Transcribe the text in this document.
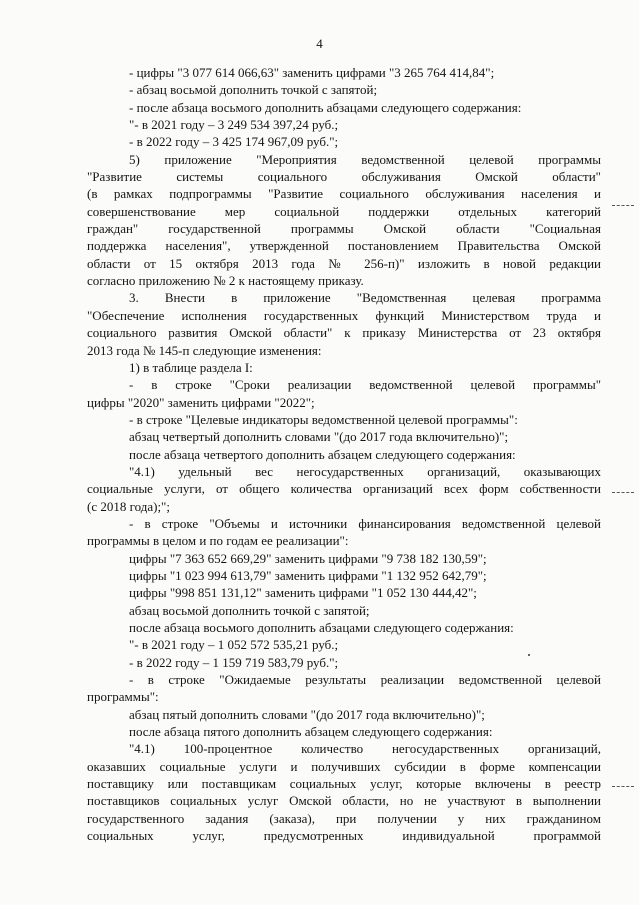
4
- цифры "3 077 614 066,63" заменить цифрами "3 265 764 414,84";
- абзац восьмой дополнить точкой с запятой;
- после абзаца восьмого дополнить абзацами следующего содержания:
"- в 2021 году – 3 249 534 397,24 руб.;
- в 2022 году – 3 425 174 967,09 руб.";
5) приложение "Мероприятия ведомственной целевой программы
"Развитие системы социального обслуживания Омской области"
(в рамках подпрограммы "Развитие социального обслуживания населения и
совершенствование мер социальной поддержки отдельных категорий
граждан" государственной программы Омской области "Социальная
поддержка населения", утвержденной постановлением Правительства Омской
области от 15 октября 2013 года № 256-п)" изложить в новой редакции
согласно приложению № 2 к настоящему приказу.
3. Внести в приложение "Ведомственная целевая программа
"Обеспечение исполнения государственных функций Министерством труда и
социального развития Омской области" к приказу Министерства от 23 октября
2013 года № 145-п следующие изменения:
1) в таблице раздела I:
- в строке "Сроки реализации ведомственной целевой программы"
цифры "2020" заменить цифрами "2022";
- в строке "Целевые индикаторы ведомственной целевой программы":
абзац четвертый дополнить словами "(до 2017 года включительно)";
после абзаца четвертого дополнить абзацем следующего содержания:
"4.1) удельный вес негосударственных организаций, оказывающих
социальные услуги, от общего количества организаций всех форм собственности
(с 2018 года);";
- в строке "Объемы и источники финансирования ведомственной целевой
программы в целом и по годам ее реализации":
цифры "7 363 652 669,29" заменить цифрами "9 738 182 130,59";
цифры "1 023 994 613,79" заменить цифрами "1 132 952 642,79";
цифры "998 851 131,12" заменить цифрами "1 052 130 444,42";
абзац восьмой дополнить точкой с запятой;
после абзаца восьмого дополнить абзацами следующего содержания:
"- в 2021 году – 1 052 572 535,21 руб.;
- в 2022 году – 1 159 719 583,79 руб.";
- в строке "Ожидаемые результаты реализации ведомственной целевой
программы":
абзац пятый дополнить словами "(до 2017 года включительно)";
после абзаца пятого дополнить абзацем следующего содержания:
"4.1) 100-процентное количество негосударственных организаций,
оказавших социальные услуги и получивших субсидии в форме компенсации
поставщику или поставщикам социальных услуг, которые включены в реестр
поставщиков социальных услуг Омской области, но не участвуют в выполнении
государственного задания (заказа), при получении у них гражданином
социальных услуг, предусмотренных индивидуальной программой
